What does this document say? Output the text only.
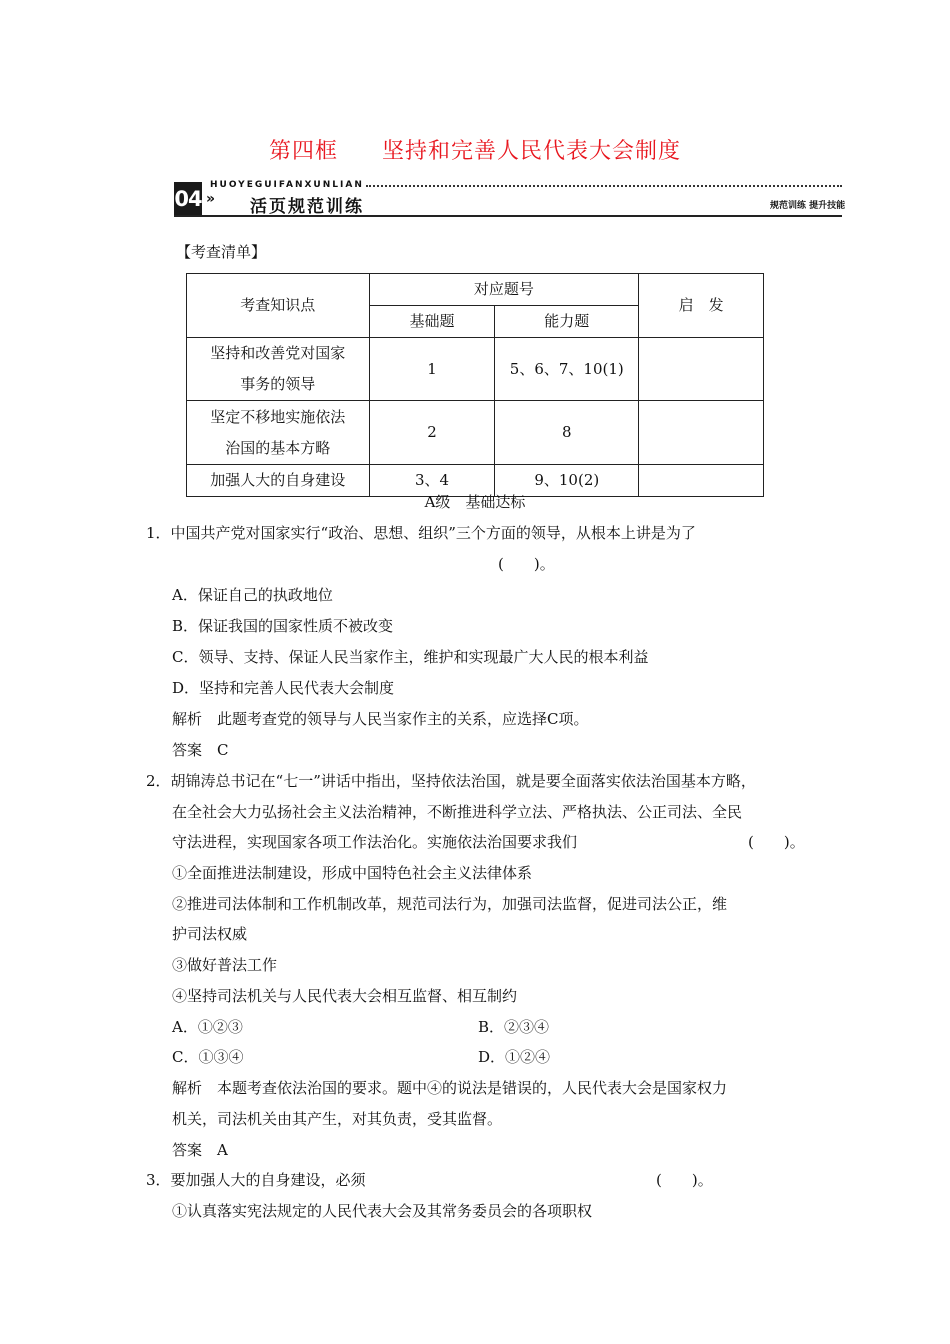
第四框 坚持和完善人民代表大会制度
04 »
HUOYEGUIFANXUNLIAN
活页规范训练	规范训练 提升技能
【考查清单】
考查知识点	对应题号		启　发
	基础题	能力题	
坚持和改善党对国家
事务的领导	1	5、6、7、10(1)	
坚定不移地实施依法
治国的基本方略	2	8	
加强人大的自身建设	3、4	9、10(2)	
A级　基础达标
1．中国共产党对国家实行“政治、思想、组织”三个方面的领导，从根本上讲是为了
(　　)。
A．保证自己的执政地位
B．保证我国的国家性质不被改变
C．领导、支持、保证人民当家作主，维护和实现最广大人民的根本利益
D．坚持和完善人民代表大会制度
解析　此题考查党的领导与人民当家作主的关系，应选择C项。
答案　C
2．胡锦涛总书记在“七一”讲话中指出，坚持依法治国，就是要全面落实依法治国基本方略，
在全社会大力弘扬社会主义法治精神，不断推进科学立法、严格执法、公正司法、全民
守法进程，实现国家各项工作法治化。实施依法治国要求我们	(　　)。
①全面推进法制建设，形成中国特色社会主义法律体系
②推进司法体制和工作机制改革，规范司法行为，加强司法监督，促进司法公正，维
护司法权威
③做好普法工作
④坚持司法机关与人民代表大会相互监督、相互制约
A．①②③	B．②③④
C．①③④	D．①②④
解析　本题考查依法治国的要求。题中④的说法是错误的，人民代表大会是国家权力
机关，司法机关由其产生，对其负责，受其监督。
答案　A
3．要加强人大的自身建设，必须	(　　)。
①认真落实宪法规定的人民代表大会及其常务委员会的各项职权
